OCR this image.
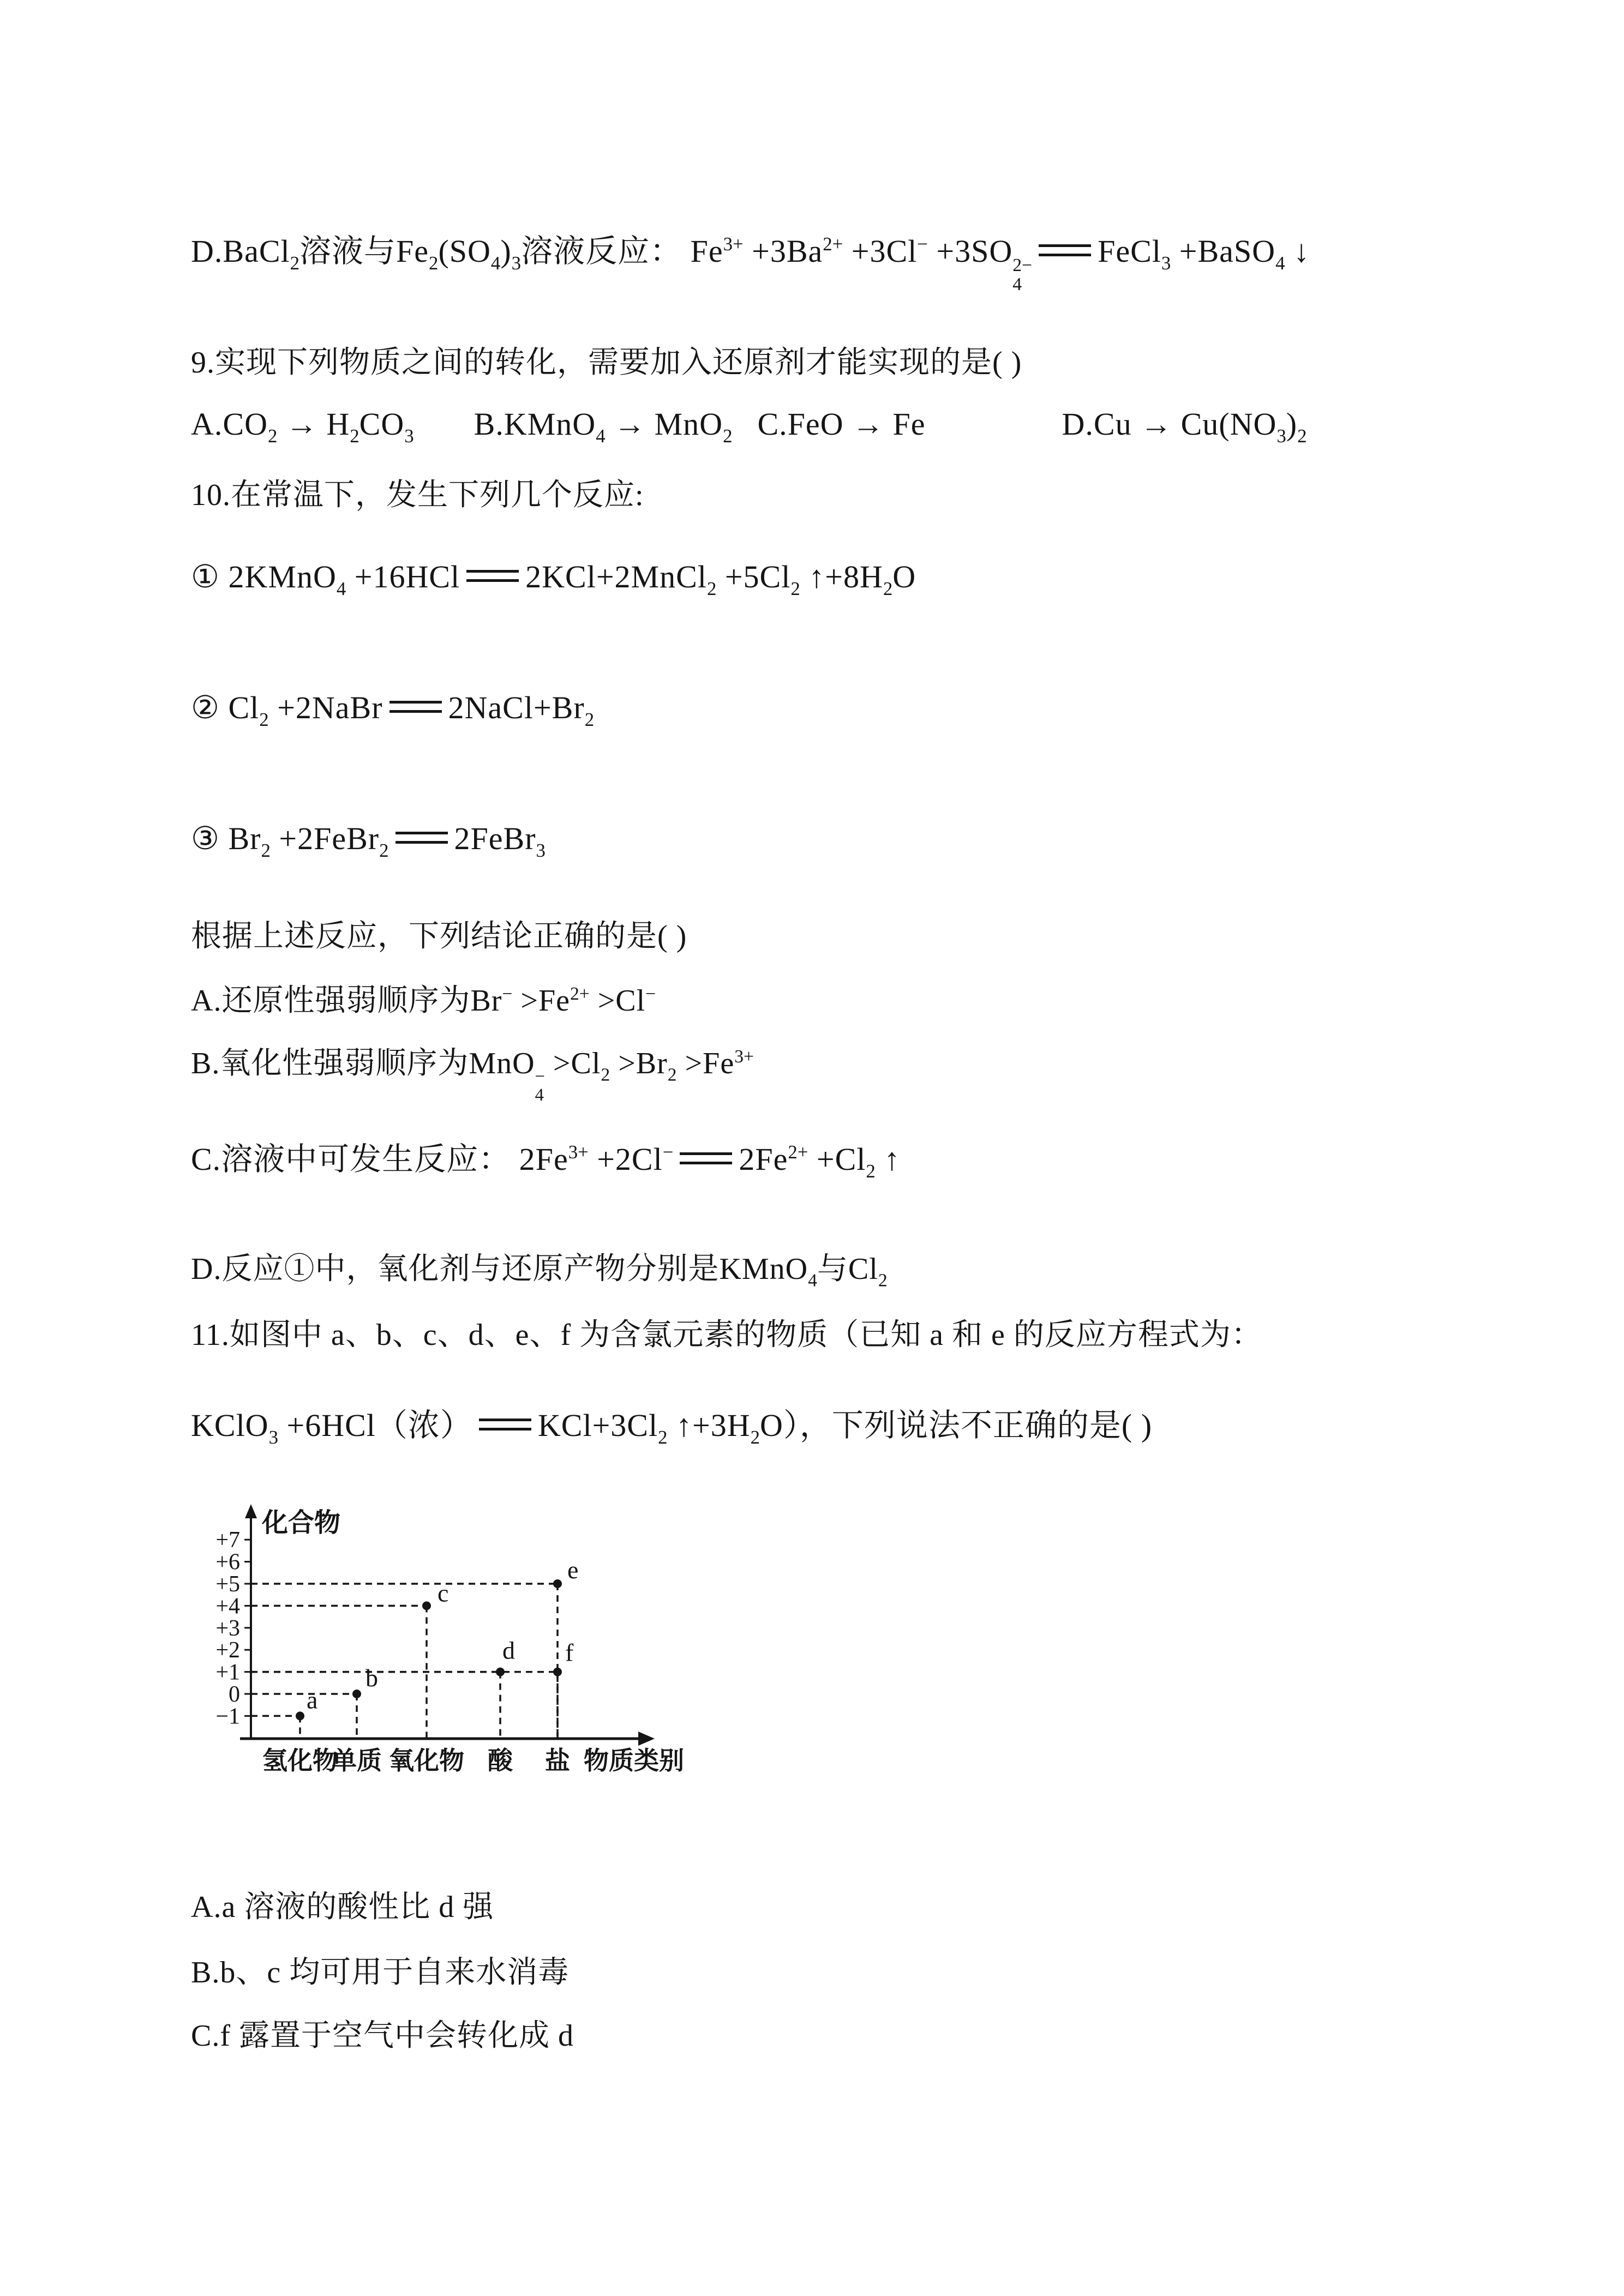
D.BaCl$_2$溶液与$Fe_2(SO_4)_3$溶液反应： $Fe^{3+} +3Ba^{2+} +3Cl^- +3SO$ 2−
4
FeCl$_3$ +BaSO$_4$ ↓
9.实现下列物质之间的转化，需要加入还原剂才能实现的是( )
$A.CO_2 \to H_2CO_3$ B.KMnO$_4$ → MnO$_2$ C.FeO → Fe	$D.Cu \to Cu(NO_3)_2$
10.在常温下，发生下列几个反应:
① 2KMnO$_4$ +16HCl 2KCl+2MnCl$_2$ $+5Cl_2$ $↑+8H_2O$
② $Cl_2$ +2NaBr $2NaCl+Br_2$
③ $Br_2$ +2FeBr$_2$ 2FeBr$_3$
根据上述反应，下列结论正确的是( )
A.还原性强弱顺序为$Br^- >Fe^{2+} >Cl^-$
B.氧化性强弱顺序为MnO −
4
$>Cl_2 >Br_2 >Fe^{3+}$
C.溶液中可发生反应： $2Fe^{3+} +2Cl^-$ $2Fe^{2+} +Cl_2$ ↑
D.反应①中，氧化剂与还原产物分别是KMnO$_4$与$Cl_2$
11.如图中 a、b、c、d、e、f 为含氯元素的物质（已知 a 和 e 的反应方程式为：
KClO$_3$ +6HCl（浓） $KCl+3Cl_2$ $↑+3H_2O$），下列说法不正确的是( )
+7
+6
+5
+4
+3
+2
+1
0
−1
化合物
物质类别
氢化物
单质 氧化物 酸 盐
a
b
c
d
e
f
A.a 溶液的酸性比 d 强
B.b、c 均可用于自来水消毒
C.f 露置于空气中会转化成 d
